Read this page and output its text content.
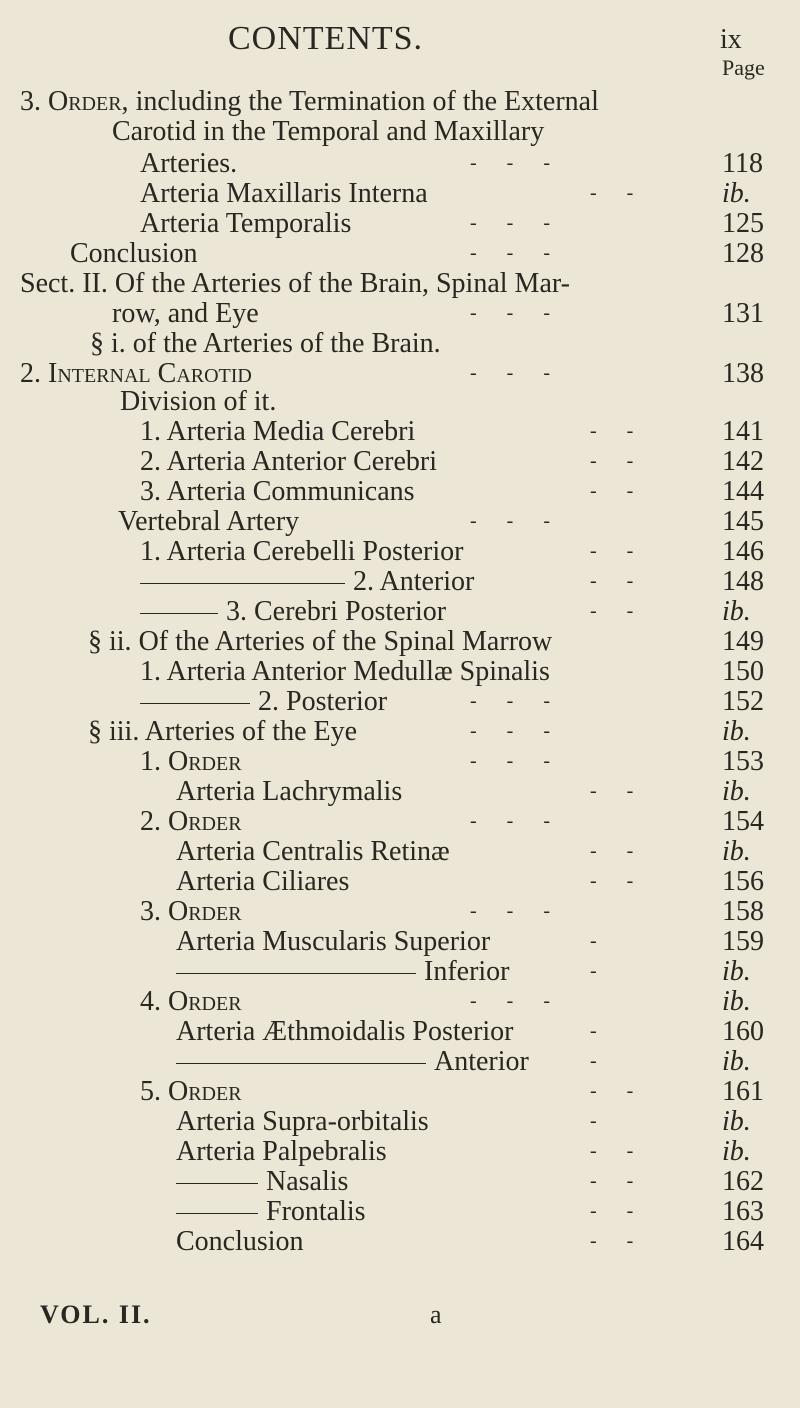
CONTENTS.	ix
Page
3. Order, including the Termination of the External
Carotid in the Temporal and Maxillary
Arteries.	-      -      -	118
Arteria Maxillaris Interna	-      -	ib.
Arteria Temporalis	-      -      -	125
Conclusion	-      -      -	128
Sect. II. Of the Arteries of the Brain, Spinal Mar-
row, and Eye	-      -      -	131
§ i. of the Arteries of the Brain.
2. Internal Carotid	-      -      -	138
Division of it.
1. Arteria Media Cerebri	-      -	141
2. Arteria Anterior Cerebri	-      -	142
3. Arteria Communicans	-      -	144
Vertebral Artery	-      -      -	145
1. Arteria Cerebelli Posterior	-      -	146
2. Anterior	-      -	148
3. Cerebri Posterior	-      -	ib.
§ ii. Of the Arteries of the Spinal Marrow	149
1. Arteria Anterior Medullæ Spinalis	150
2. Posterior	-      -      -	152
§ iii. Arteries of the Eye	-      -      -	ib.
1. Order	-      -      -	153
Arteria Lachrymalis	-      -	ib.
2. Order	-      -      -	154
Arteria Centralis Retinæ	-      -	ib.
Arteria Ciliares	-      -	156
3. Order	-      -      -	158
Arteria Muscularis Superior	-	159
Inferior	-	ib.
4. Order	-      -      -	ib.
Arteria Æthmoidalis Posterior	-	160
Anterior	-	ib.
5. Order	-      -	161
Arteria Supra-orbitalis	-	ib.
Arteria Palpebralis	-      -	ib.
Nasalis	-      -	162
Frontalis	-      -	163
Conclusion	-      -	164
VOL. II.	a
